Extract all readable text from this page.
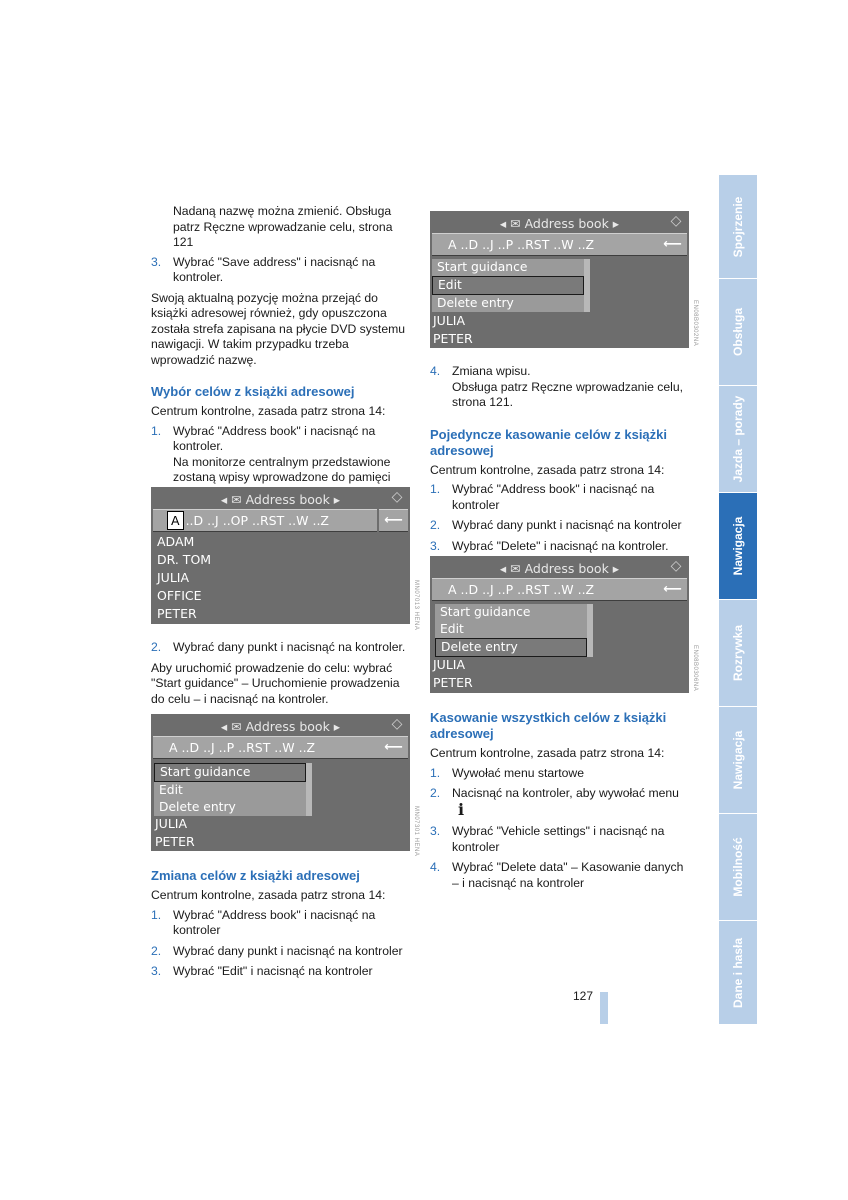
Nadaną nazwę można zmienić. Obsługa patrz Ręczne wprowadzanie celu, strona 121

3. Wybrać "Save address" i nacisnąć na kontroler.

Swoją aktualną pozycję można przejąć do książki adresowej również, gdy opuszczona została strefa zapisana na płycie DVD systemu nawigacji. W takim przypadku trzeba wprowadzić nazwę.

Wybór celów z książki adresowej

Centrum kontrolne, zasada patrz strona 14:

1. Wybrać "Address book" i nacisnąć na kontroler.
Na monitorze centralnym przedstawione zostaną wpisy wprowadzone do pamięci
◂ ✉ Address book ▸	◇
A ..D ..J ..OP ..RST ..W ..Z	⟵
ADAM
DR. TOM
JULIA
OFFICE
PETER	MN07013 HENA
2. Wybrać dany punkt i nacisnąć na kontroler.

Aby uruchomić prowadzenie do celu: wybrać "Start guidance" – Uruchomienie prowadzenia do celu – i nacisnąć na kontroler.

◂ ✉ Address book ▸	◇
A ..D ..J ..P ..RST ..W ..Z	⟵
Start guidance
Edit
Delete entry
JULIA
PETER	MN07301 HENA
Zmiana celów z książki adresowej

Centrum kontrolne, zasada patrz strona 14:

1. Wybrać "Address book" i nacisnąć na kontroler
2. Wybrać dany punkt i nacisnąć na kontroler
3. Wybrać "Edit" i nacisnąć na kontroler
◂ ✉ Address book ▸	◇
A ..D ..J ..P ..RST ..W ..Z	⟵
Start guidance
Edit
Delete entry
JULIA
PETER	EN08B0302NA
4. Zmiana wpisu.
Obsługa patrz Ręczne wprowadzanie celu, strona 121.
Pojedyncze kasowanie celów z książki adresowej

Centrum kontrolne, zasada patrz strona 14:

1. Wybrać "Address book" i nacisnąć na kontroler
2. Wybrać dany punkt i nacisnąć na kontroler
3. Wybrać "Delete" i nacisnąć na kontroler.
◂ ✉ Address book ▸	◇
A ..D ..J ..P ..RST ..W ..Z	⟵
Start guidance
Edit
Delete entry
JULIA
PETER	EN08B0306NA
Kasowanie wszystkich celów z książki adresowej

Centrum kontrolne, zasada patrz strona 14:

1. Wywołać menu startowe
2. Nacisnąć na kontroler, aby wywołać menu i
3. Wybrać "Vehicle settings" i nacisnąć na kontroler
4. Wybrać "Delete data" – Kasowanie danych – i nacisnąć na kontroler
127
Spojrzenie
Obsługa
Jazda – porady
Nawigacja
Rozrywka
Nawigacja
Mobilność
Dane i hasła
